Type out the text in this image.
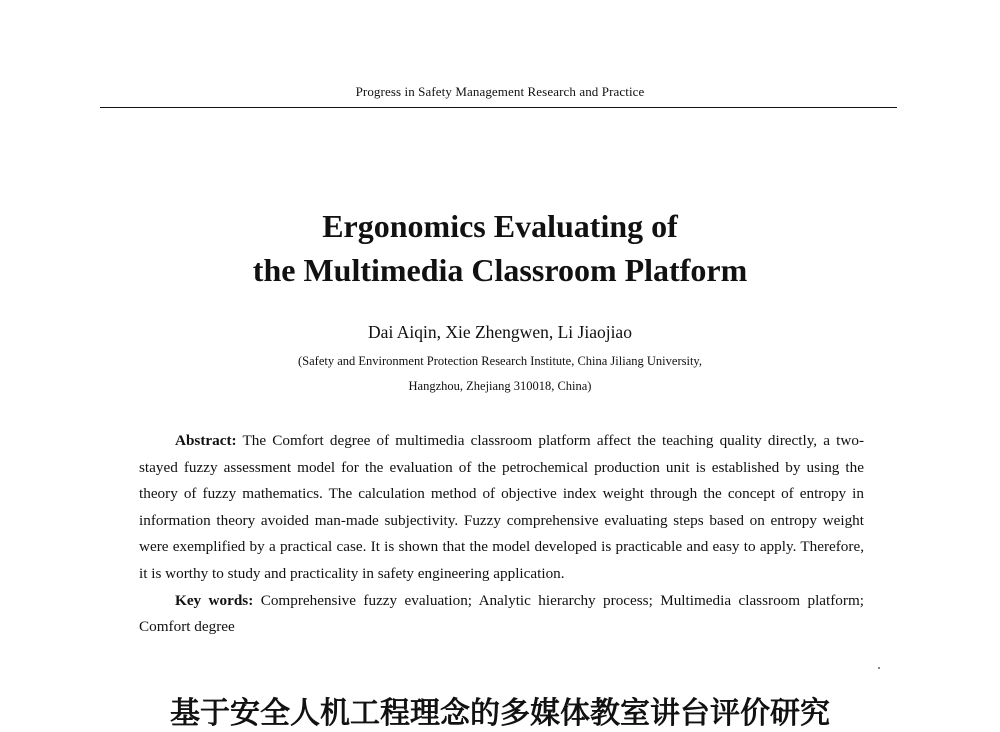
Progress in Safety Management Research and Practice
Ergonomics Evaluating of
the Multimedia Classroom Platform
Dai Aiqin, Xie Zhengwen, Li Jiaojiao
(Safety and Environment Protection Research Institute, China Jiliang University,
Hangzhou, Zhejiang 310018, China)

Abstract: The Comfort degree of multimedia classroom platform affect the teaching quality directly, a two-stayed fuzzy assessment model for the evaluation of the petrochemical production unit is established by using the theory of fuzzy mathematics. The calculation method of objective index weight through the concept of entropy in information theory avoided man-made subjectivity. Fuzzy comprehensive evaluating steps based on entropy weight were exemplified by a practical case. It is shown that the model developed is practicable and easy to apply. Therefore, it is worthy to study and practicality in safety engineering application.

Key words: Comprehensive fuzzy evaluation; Analytic hierarchy process; Multimedia classroom platform; Comfort degree

基于安全人机工程理念的多媒体教室讲台评价研究
